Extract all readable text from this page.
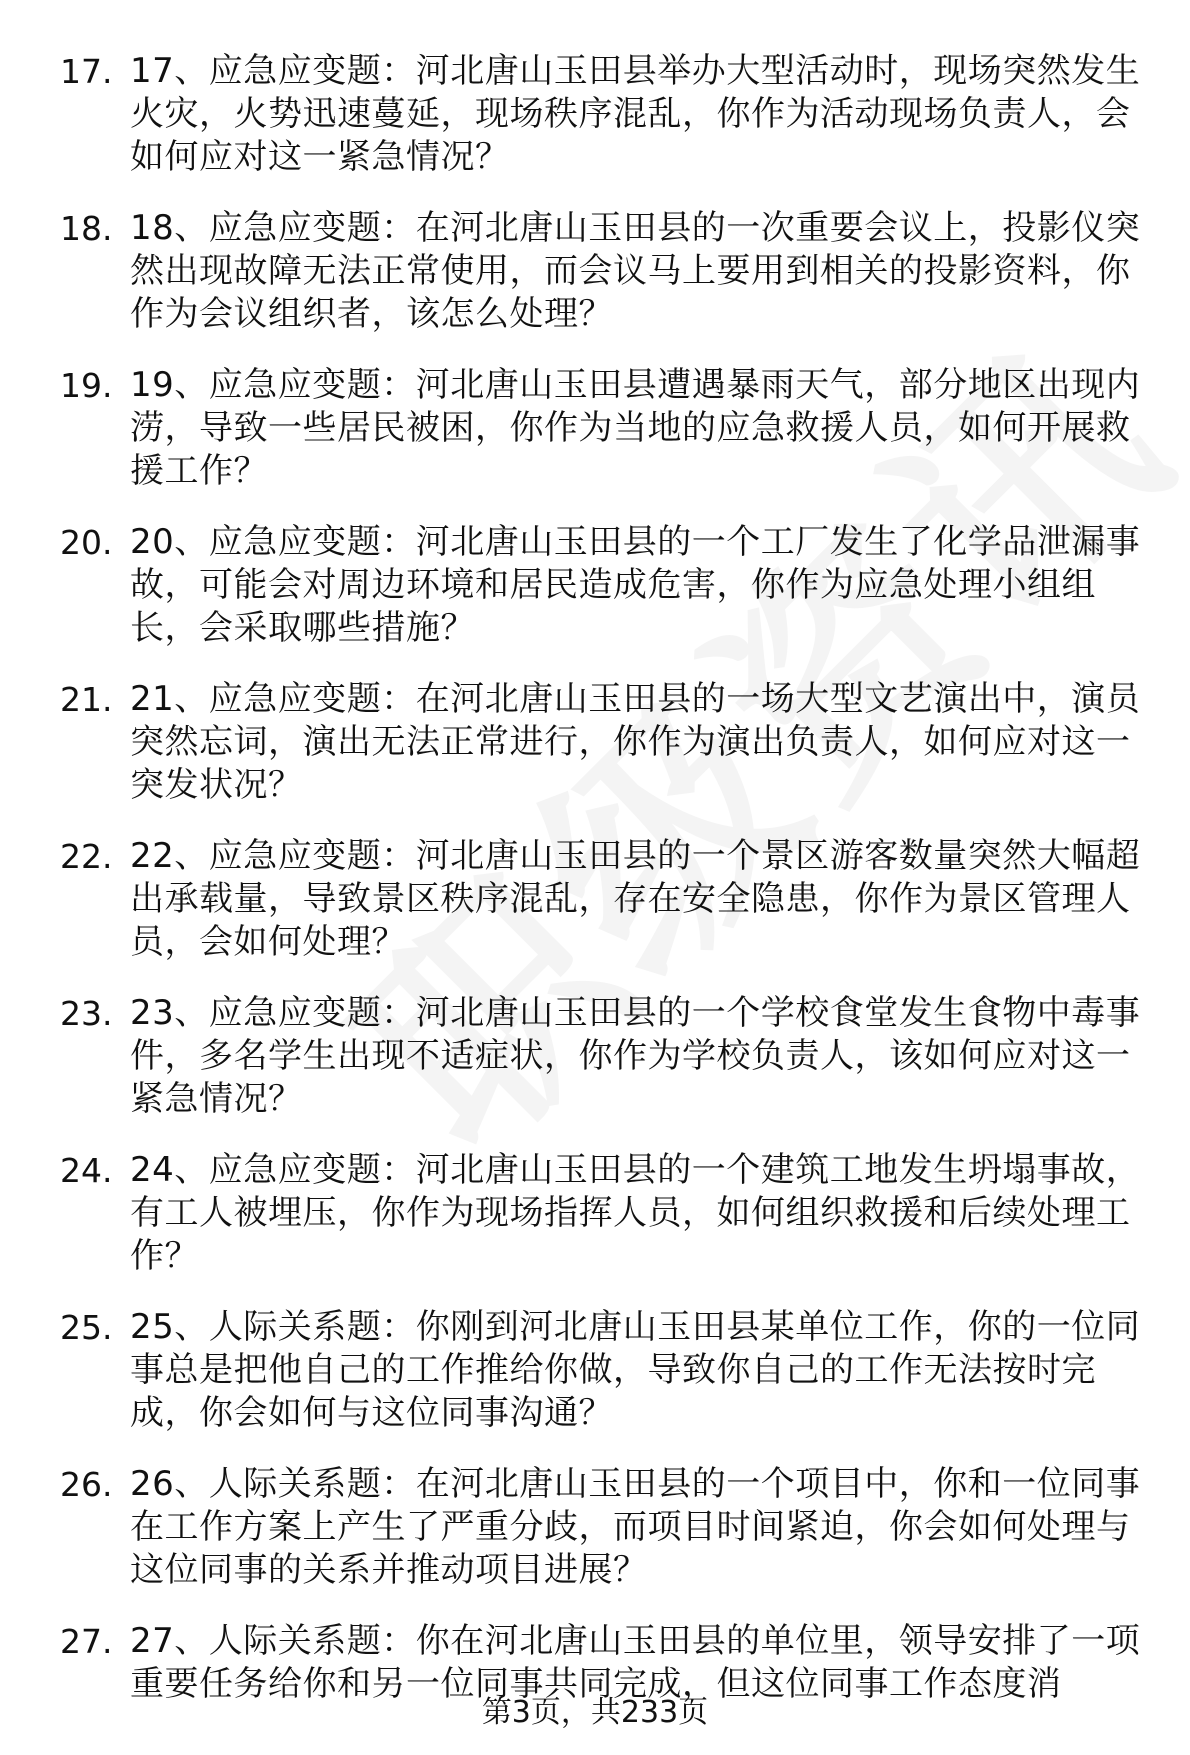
17. 17、应急应变题：河北唐山玉田县举办大型活动时，现场突然发生火灾，火势迅速蔓延，现场秩序混乱，你作为活动现场负责人，会如何应对这一紧急情况？
18. 18、应急应变题：在河北唐山玉田县的一次重要会议上，投影仪突然出现故障无法正常使用，而会议马上要用到相关的投影资料，你作为会议组织者，该怎么处理？
19. 19、应急应变题：河北唐山玉田县遭遇暴雨天气，部分地区出现内涝，导致一些居民被困，你作为当地的应急救援人员，如何开展救援工作？
20. 20、应急应变题：河北唐山玉田县的一个工厂发生了化学品泄漏事故，可能会对周边环境和居民造成危害，你作为应急处理小组组长，会采取哪些措施？
21. 21、应急应变题：在河北唐山玉田县的一场大型文艺演出中，演员突然忘词，演出无法正常进行，你作为演出负责人，如何应对这一突发状况？
22. 22、应急应变题：河北唐山玉田县的一个景区游客数量突然大幅超出承载量，导致景区秩序混乱，存在安全隐患，你作为景区管理人员，会如何处理？
23. 23、应急应变题：河北唐山玉田县的一个学校食堂发生食物中毒事件，多名学生出现不适症状，你作为学校负责人，该如何应对这一紧急情况？
24. 24、应急应变题：河北唐山玉田县的一个建筑工地发生坍塌事故，有工人被埋压，你作为现场指挥人员，如何组织救援和后续处理工作？
25. 25、人际关系题：你刚到河北唐山玉田县某单位工作，你的一位同事总是把他自己的工作推给你做，导致你自己的工作无法按时完成，你会如何与这位同事沟通？
26. 26、人际关系题：在河北唐山玉田县的一个项目中，你和一位同事在工作方案上产生了严重分歧，而项目时间紧迫，你会如何处理与这位同事的关系并推动项目进展？
27. 27、人际关系题：你在河北唐山玉田县的单位里，领导安排了一项重要任务给你和另一位同事共同完成，但这位同事工作态度消
第3页，共233页
